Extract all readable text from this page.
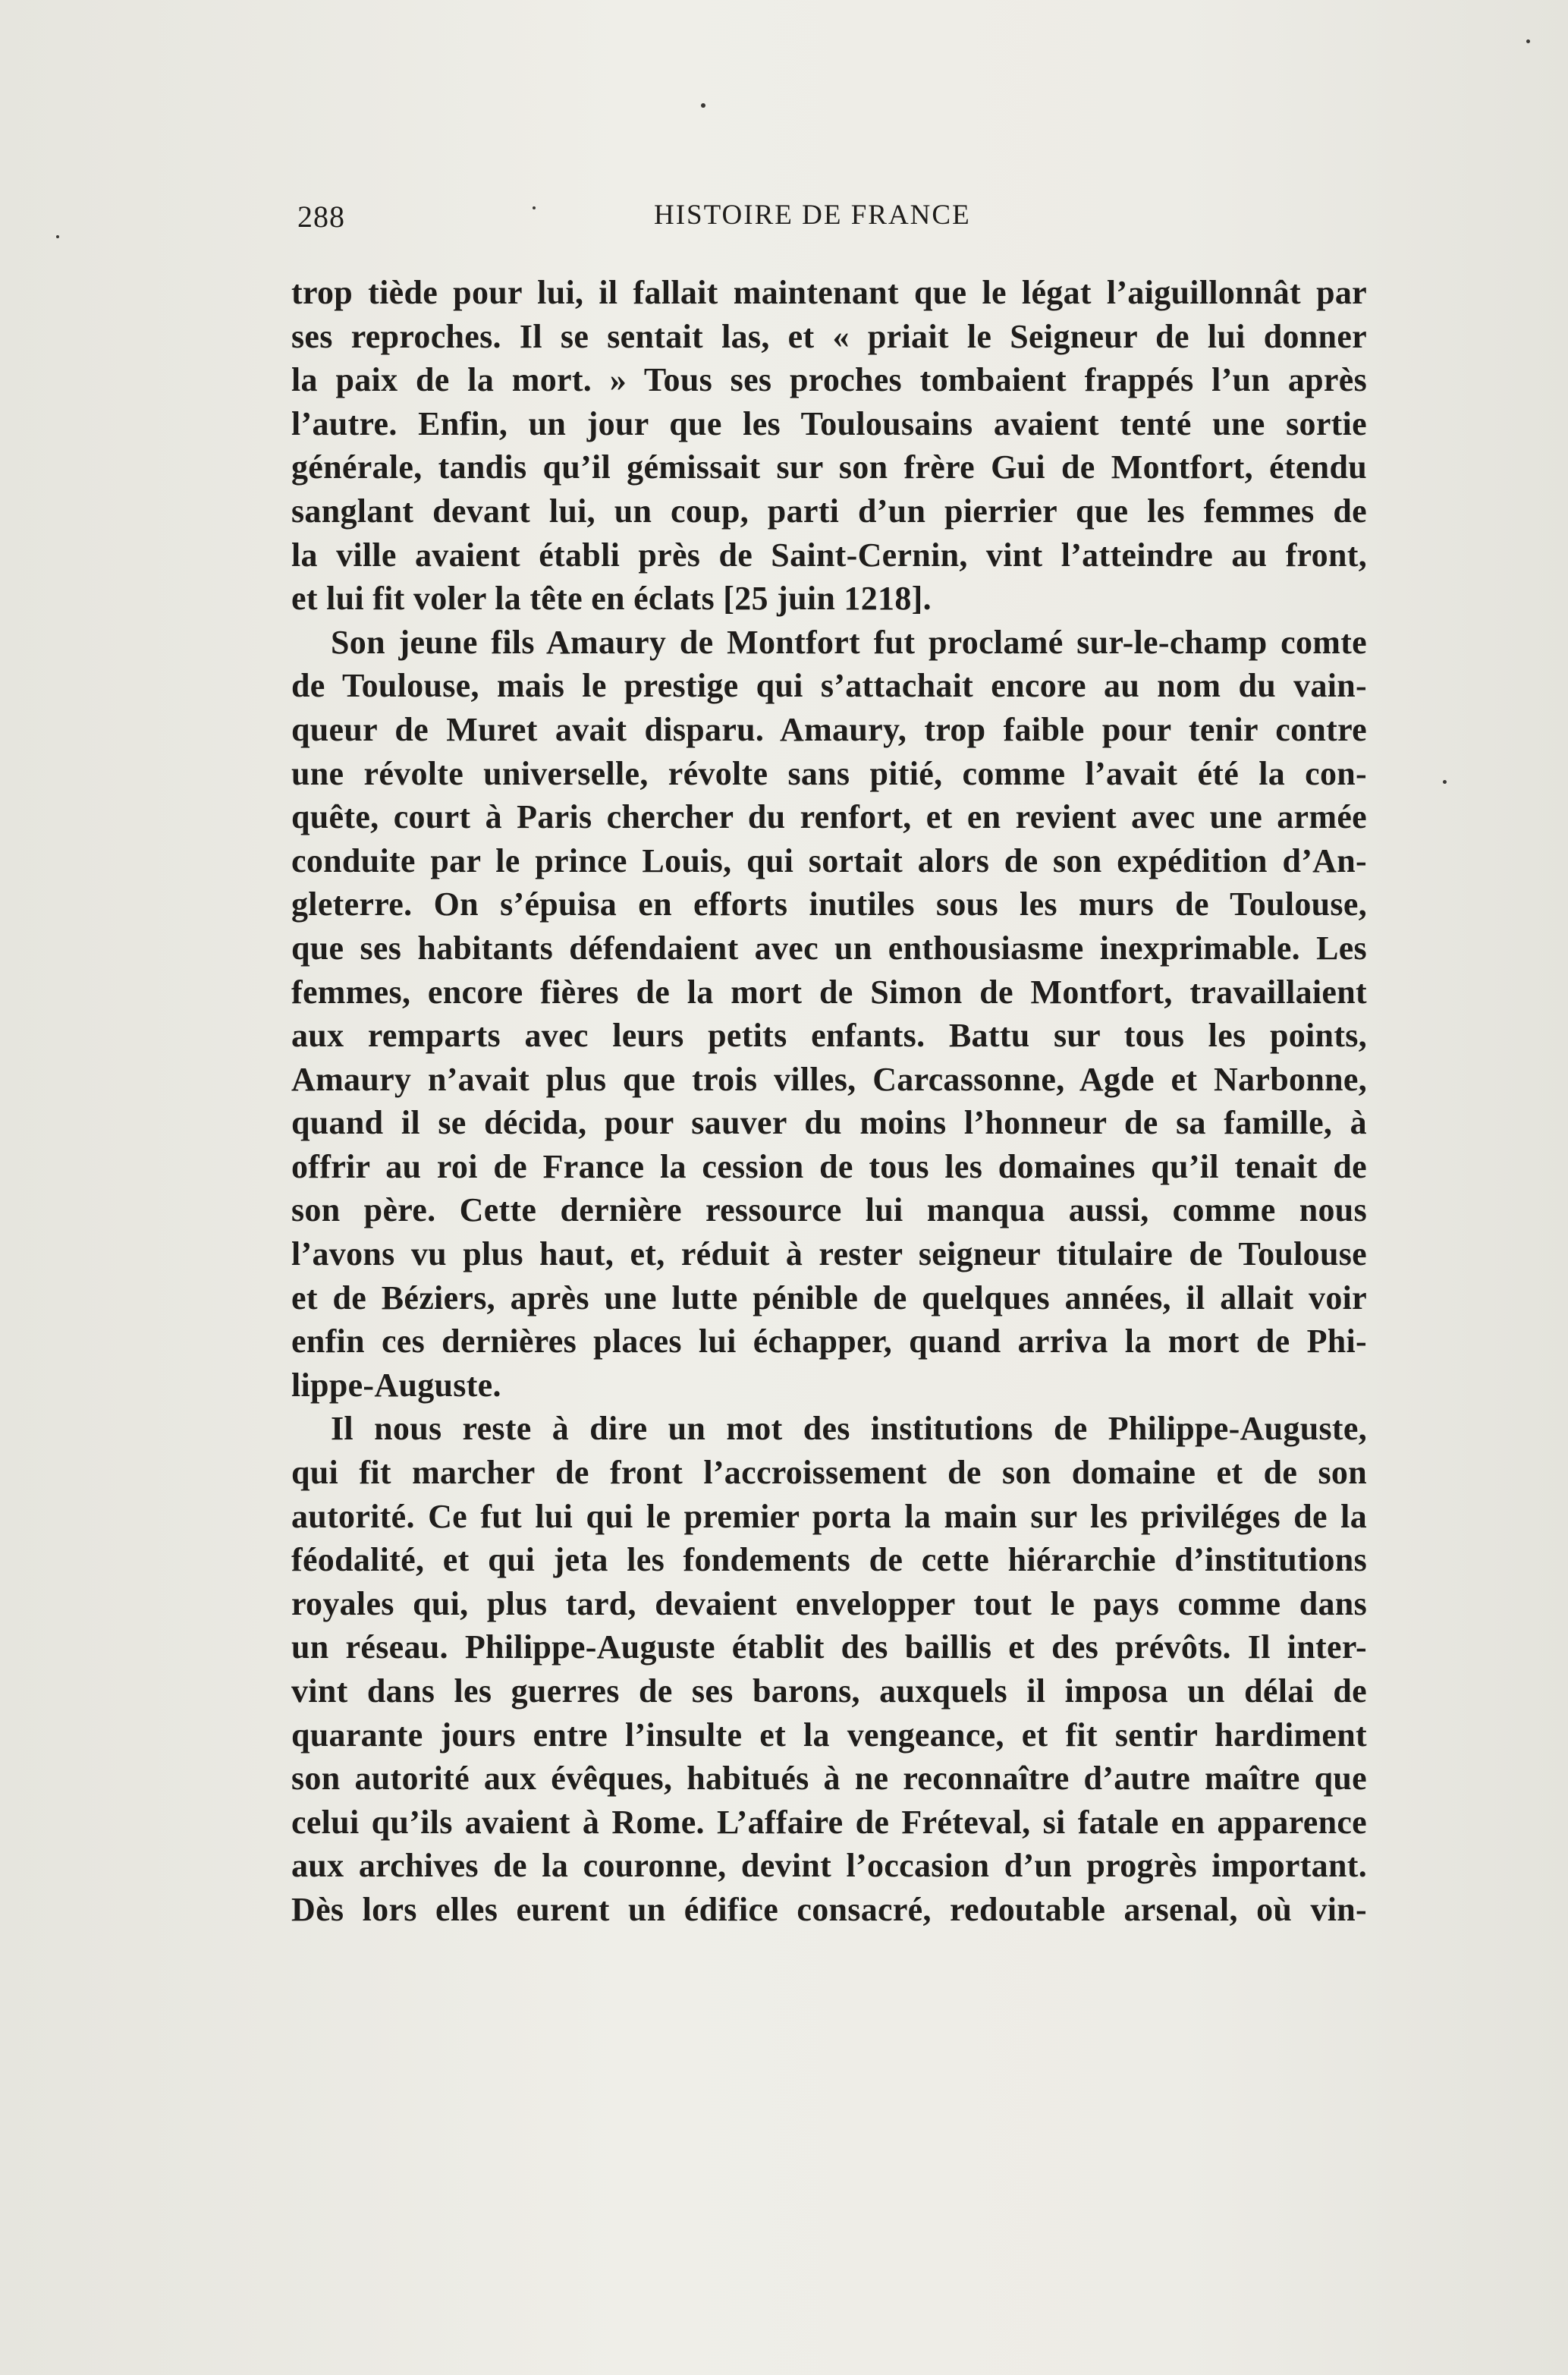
288	HISTOIRE DE FRANCE
trop tiède pour lui, il fallait maintenant que le légat l’aiguillonnât par
ses reproches. Il se sentait las, et « priait le Seigneur de lui donner
la paix de la mort. » Tous ses proches tombaient frappés l’un après
l’autre. Enfin, un jour que les Toulousains avaient tenté une sortie
générale, tandis qu’il gémissait sur son frère Gui de Montfort, étendu
sanglant devant lui, un coup, parti d’un pierrier que les femmes de
la ville avaient établi près de Saint-Cernin, vint l’atteindre au front,
et lui fit voler la tête en éclats [25 juin 1218].
Son jeune fils Amaury de Montfort fut proclamé sur-le-champ comte
de Toulouse, mais le prestige qui s’attachait encore au nom du vain-
queur de Muret avait disparu. Amaury, trop faible pour tenir contre
une révolte universelle, révolte sans pitié, comme l’avait été la con-
quête, court à Paris chercher du renfort, et en revient avec une armée
conduite par le prince Louis, qui sortait alors de son expédition d’An-
gleterre. On s’épuisa en efforts inutiles sous les murs de Toulouse,
que ses habitants défendaient avec un enthousiasme inexprimable. Les
femmes, encore fières de la mort de Simon de Montfort, travaillaient
aux remparts avec leurs petits enfants. Battu sur tous les points,
Amaury n’avait plus que trois villes, Carcassonne, Agde et Narbonne,
quand il se décida, pour sauver du moins l’honneur de sa famille, à
offrir au roi de France la cession de tous les domaines qu’il tenait de
son père. Cette dernière ressource lui manqua aussi, comme nous
l’avons vu plus haut, et, réduit à rester seigneur titulaire de Toulouse
et de Béziers, après une lutte pénible de quelques années, il allait voir
enfin ces dernières places lui échapper, quand arriva la mort de Phi-
lippe-Auguste.
Il nous reste à dire un mot des institutions de Philippe-Auguste,
qui fit marcher de front l’accroissement de son domaine et de son
autorité. Ce fut lui qui le premier porta la main sur les priviléges de la
féodalité, et qui jeta les fondements de cette hiérarchie d’institutions
royales qui, plus tard, devaient envelopper tout le pays comme dans
un réseau. Philippe-Auguste établit des baillis et des prévôts. Il inter-
vint dans les guerres de ses barons, auxquels il imposa un délai de
quarante jours entre l’insulte et la vengeance, et fit sentir hardiment
son autorité aux évêques, habitués à ne reconnaître d’autre maître que
celui qu’ils avaient à Rome. L’affaire de Fréteval, si fatale en apparence
aux archives de la couronne, devint l’occasion d’un progrès important.
Dès lors elles eurent un édifice consacré, redoutable arsenal, où vin-
